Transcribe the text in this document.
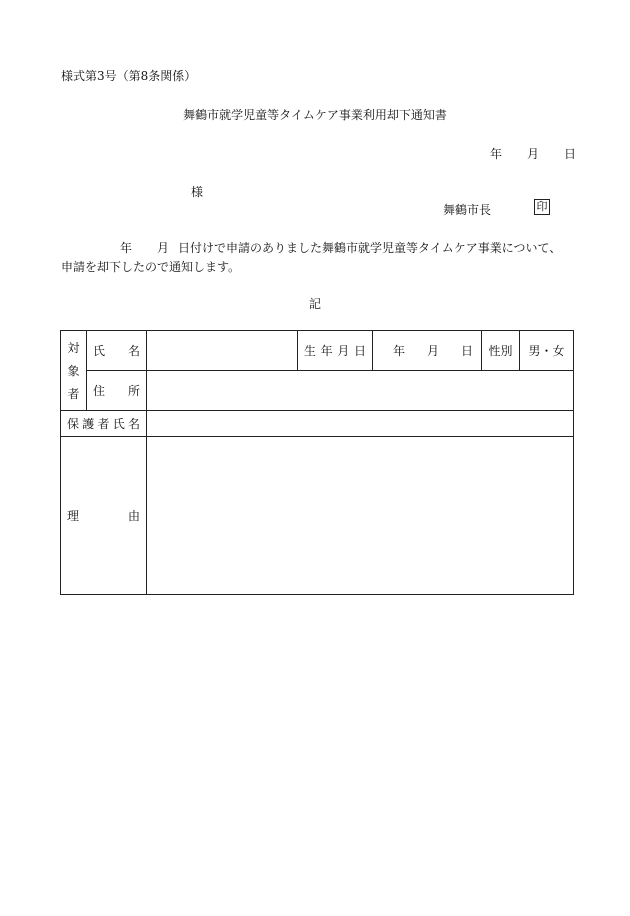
様式第3号（第8条関係）
舞鶴市就学児童等タイムケア事業利用却下通知書
年 月 日
様
舞鶴市長	印
年 月 日付けで申請のありました舞鶴市就学児童等タイムケア事業について、
申請を却下したので通知します。
記
対
象
者	氏 名		生 年 月 日	年 月 日	性別	男・女

	住 所					

保 護 者 氏 名						

理 由						
